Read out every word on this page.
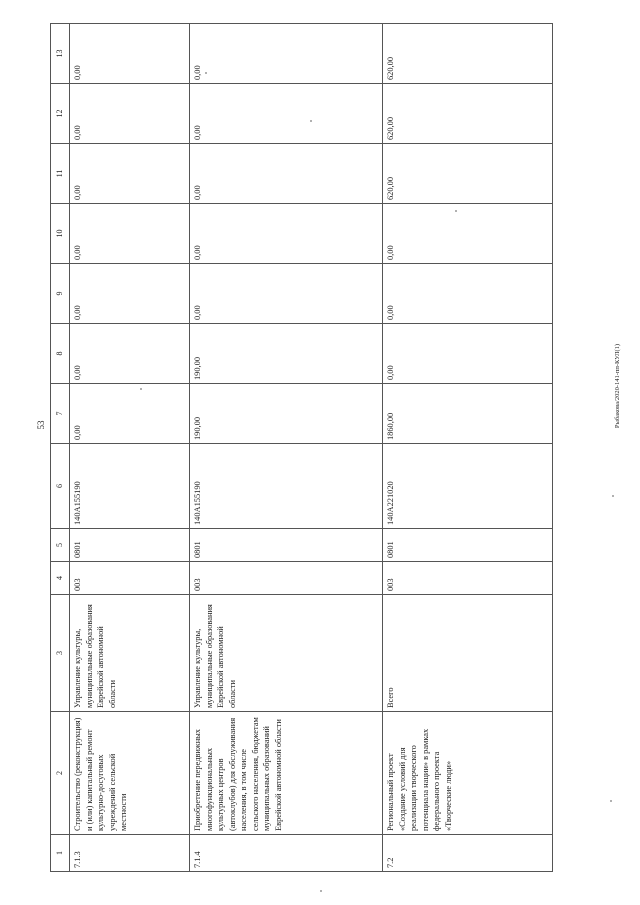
53	Рыбакова/2020-141-пп-КУЛ(1)
1	2	3	4	5	6	7	8	9	10	11	12	13
7.1.3	Строительство (реконструкция) и (или) капитальный ремонт культурно-досуговых учреждений сельской местности	Управление культуры, муниципальные образования Еврейской автономной области	003	0801	140A155190	0,00	0,00	0,00	0,00	0,00	0,00	0,00
7.1.4	Приобретение передвижных многофункциональных культурных центров (автоклубов) для обслуживания населения, в том числе сельского населения, бюджетам муниципальных образований Еврейской автономной области	Управление культуры, муниципальные образования Еврейской автономной области	003	0801	140A155190	190,00	190,00	0,00	0,00	0,00	0,00	0,00
7.2	Региональный проект «Создание условий для реализации творческого потенциала нации» в рамках федерального проекта «Творческие люди»	Всего	003	0801	140A221020	1860,00	0,00	0,00	0,00	620,00	620,00	620,00
